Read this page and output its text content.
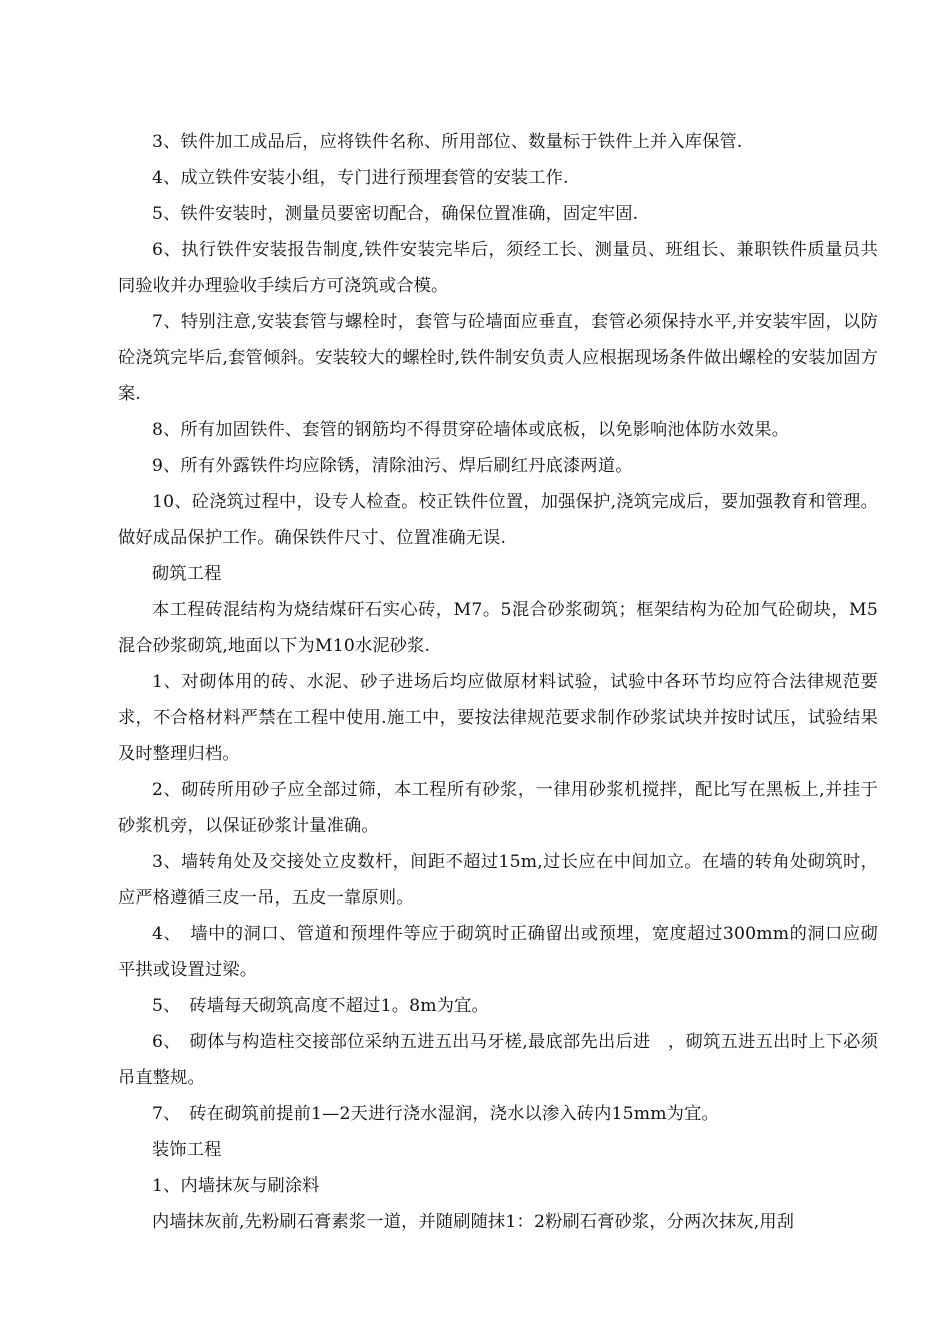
3、铁件加工成品后，应将铁件名称、所用部位、数量标于铁件上并入库保管.

4、成立铁件安装小组，专门进行预埋套管的安装工作.

5、铁件安装时，测量员要密切配合，确保位置准确，固定牢固.

6、执行铁件安装报告制度,铁件安装完毕后，须经工长、测量员、班组长、兼职铁件质量员共同验收并办理验收手续后方可浇筑或合模。

7、特别注意,安装套管与螺栓时，套管与砼墙面应垂直，套管必须保持水平,并安装牢固，以防砼浇筑完毕后,套管倾斜。安装较大的螺栓时,铁件制安负责人应根据现场条件做出螺栓的安装加固方案.

8、所有加固铁件、套管的钢筋均不得贯穿砼墙体或底板，以免影响池体防水效果。

9、所有外露铁件均应除锈，清除油污、焊后刷红丹底漆两道。

10、砼浇筑过程中，设专人检查。校正铁件位置，加强保护,浇筑完成后，要加强教育和管理。做好成品保护工作。确保铁件尺寸、位置准确无误.

砌筑工程

本工程砖混结构为烧结煤矸石实心砖，M7。5混合砂浆砌筑；框架结构为砼加气砼砌块，M5混合砂浆砌筑,地面以下为M10水泥砂浆.

1、对砌体用的砖、水泥、砂子进场后均应做原材料试验，试验中各环节均应符合法律规范要求，不合格材料严禁在工程中使用.施工中，要按法律规范要求制作砂浆试块并按时试压，试验结果及时整理归档。

2、砌砖所用砂子应全部过筛，本工程所有砂浆，一律用砂浆机搅拌，配比写在黑板上,并挂于砂浆机旁，以保证砂浆计量准确。

3、墙转角处及交接处立皮数杆，间距不超过15m,过长应在中间加立。在墙的转角处砌筑时，应严格遵循三皮一吊，五皮一靠原则。

4、　墙中的洞口、管道和预埋件等应于砌筑时正确留出或预埋，宽度超过300mm的洞口应砌平拱或设置过梁。

5、　砖墙每天砌筑高度不超过1。8m为宜。

6、　砌体与构造柱交接部位采纳五进五出马牙槎,最底部先出后进　，砌筑五进五出时上下必须吊直整规。

7、　砖在砌筑前提前1—2天进行浇水湿润，浇水以渗入砖内15mm为宜。

装饰工程

1、内墙抹灰与刷涂料

内墙抹灰前,先粉刷石膏素浆一道，并随刷随抹1：2粉刷石膏砂浆，分两次抹灰,用刮
